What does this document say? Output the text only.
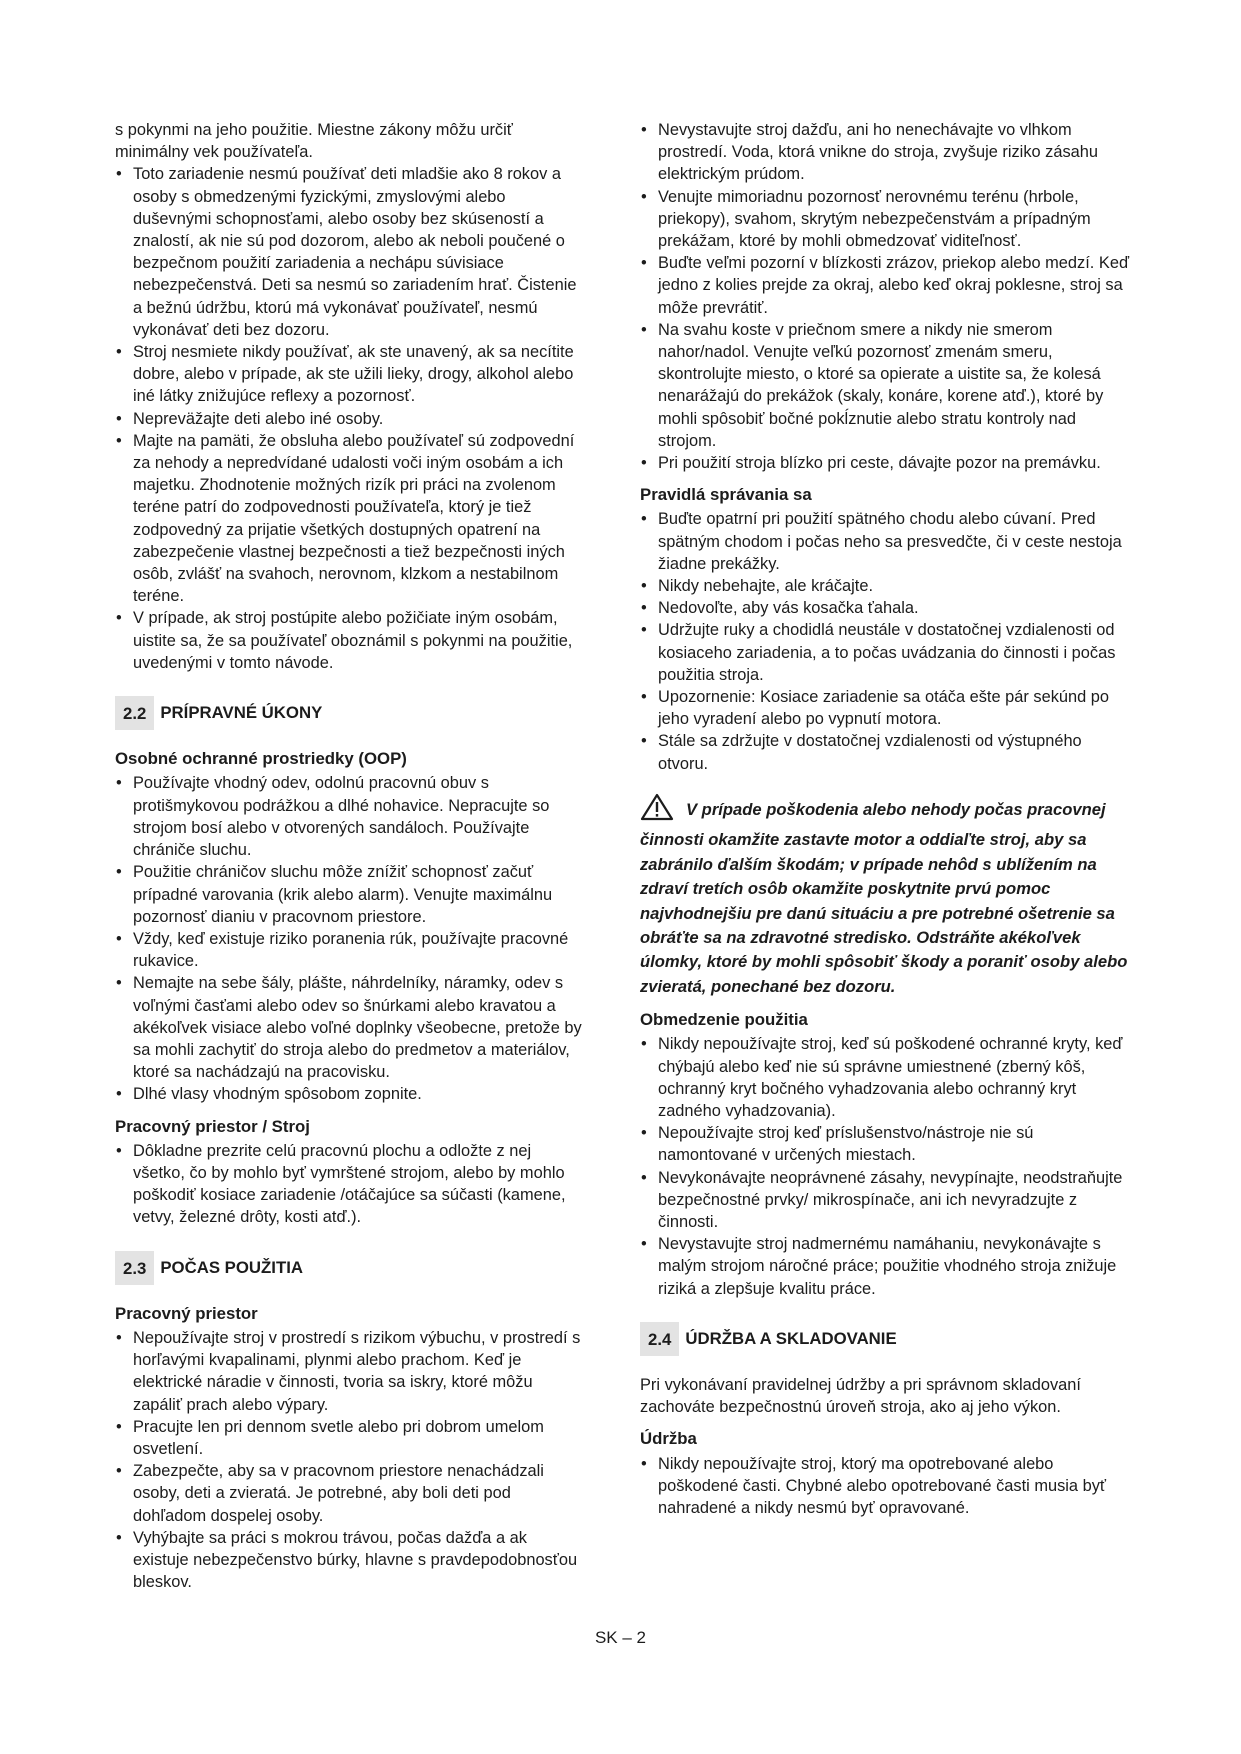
s pokynmi na jeho použitie. Miestne zákony môžu určiť minimálny vek používateľa.

• Toto zariadenie nesmú používať deti mladšie ako 8 rokov a osoby s obmedzenými fyzickými, zmyslovými alebo duševnými schopnosťami, alebo osoby bez skúseností a znalostí, ak nie sú pod dozorom, alebo ak neboli poučené o bezpečnom použití zariadenia a nechápu súvisiace nebezpečenstvá. Deti sa nesmú so zariadením hrať. Čistenie a bežnú údržbu, ktorú má vykonávať používateľ, nesmú vykonávať deti bez dozoru.
• Stroj nesmiete nikdy používať, ak ste unavený, ak sa necítite dobre, alebo v prípade, ak ste užili lieky, drogy, alkohol alebo iné látky znižujúce reflexy a pozornosť.
• Nepreväžajte deti alebo iné osoby.
• Majte na pamäti, že obsluha alebo používateľ sú zodpovední za nehody a nepredvídané udalosti voči iným osobám a ich majetku. Zhodnotenie možných rizík pri práci na zvolenom teréne patrí do zodpovednosti používateľa, ktorý je tiež zodpovedný za prijatie všetkých dostupných opatrení na zabezpečenie vlastnej bezpečnosti a tiež bezpečnosti iných osôb, zvlášť na svahoch, nerovnom, klzkom a nestabilnom teréne.
• V prípade, ak stroj postúpite alebo požičiate iným osobám, uistite sa, že sa používateľ oboznámil s pokynmi na použitie, uvedenými v tomto návode.
2.2 PRÍPRAVNÉ ÚKONY
Osobné ochranné prostriedky (OOP)
• Používajte vhodný odev, odolnú pracovnú obuv s protišmykovou podrážkou a dlhé nohavice. Nepracujte so strojom bosí alebo v otvorených sandáloch. Používajte chrániče sluchu.
• Použitie chráničov sluchu môže znížiť schopnosť začuť prípadné varovania (krik alebo alarm). Venujte maximálnu pozornosť dianiu v pracovnom priestore.
• Vždy, keď existuje riziko poranenia rúk, používajte pracovné rukavice.
• Nemajte na sebe šály, plášte, náhrdelníky, náramky, odev s voľnými časťami alebo odev so šnúrkami alebo kravatou a akékoľvek visiace alebo voľné doplnky všeobecne, pretože by sa mohli zachytiť do stroja alebo do predmetov a materiálov, ktoré sa nachádzajú na pracovisku.
• Dlhé vlasy vhodným spôsobom zopnite.
Pracovný priestor / Stroj
• Dôkladne prezrite celú pracovnú plochu a odložte z nej všetko, čo by mohlo byť vymrštené strojom, alebo by mohlo poškodiť kosiace zariadenie /otáčajúce sa súčasti (kamene, vetvy, železné drôty, kosti atď.).
2.3 POČAS POUŽITIA
Pracovný priestor
• Nepoužívajte stroj v prostredí s rizikom výbuchu, v prostredí s horľavými kvapalinami, plynmi alebo prachom. Keď je elektrické náradie v činnosti, tvoria sa iskry, ktoré môžu zapáliť prach alebo výpary.
• Pracujte len pri dennom svetle alebo pri dobrom umelom osvetlení.
• Zabezpečte, aby sa v pracovnom priestore nenachádzali osoby, deti a zvieratá. Je potrebné, aby boli deti pod dohľadom dospelej osoby.
• Vyhýbajte sa práci s mokrou trávou, počas dažďa a ak existuje nebezpečenstvo búrky, hlavne s pravdepodobnosťou bleskov.
• Nevystavujte stroj dažďu, ani ho nenechávajte vo vlhkom prostredí. Voda, ktorá vnikne do stroja, zvyšuje riziko zásahu elektrickým prúdom.
• Venujte mimoriadnu pozornosť nerovnému terénu (hrbole, priekopy), svahom, skrytým nebezpečenstvám a prípadným prekážam, ktoré by mohli obmedzovať viditeľnosť.
• Buďte veľmi pozorní v blízkosti zrázov, priekop alebo medzí. Keď jedno z kolies prejde za okraj, alebo keď okraj poklesne, stroj sa môže prevrátiť.
• Na svahu koste v priečnom smere a nikdy nie smerom nahor/nadol. Venujte veľkú pozornosť zmenám smeru, skontrolujte miesto, o ktoré sa opierate a uistite sa, že kolesá nenarážajú do prekážok (skaly, konáre, korene atď.), ktoré by mohli spôsobiť bočné pokĺznutie alebo stratu kontroly nad strojom.
• Pri použití stroja blízko pri ceste, dávajte pozor na premávku.
Pravidlá správania sa
• Buďte opatrní pri použití spätného chodu alebo cúvaní. Pred spätným chodom i počas neho sa presvedčte, či v ceste nestoja žiadne prekážky.
• Nikdy nebehajte, ale kráčajte.
• Nedovoľte, aby vás kosačka ťahala.
• Udržujte ruky a chodidlá neustále v dostatočnej vzdialenosti od kosiaceho zariadenia, a to počas uvádzania do činnosti i počas použitia stroja.
• Upozornenie: Kosiace zariadenie sa otáča ešte pár sekúnd po jeho vyradení alebo po vypnutí motora.
• Stále sa zdržujte v dostatočnej vzdialenosti od výstupného otvoru.
V prípade poškodenia alebo nehody počas pracovnej činnosti okamžite zastavte motor a oddiaľte stroj, aby sa zabránilo ďalším škodám; v prípade nehôd s ublížením na zdraví tretích osôb okamžite poskytnite prvú pomoc najvhodnejšiu pre danú situáciu a pre potrebné ošetrenie sa obráťte sa na zdravotné stredisko. Odstráňte akékoľvek úlomky, ktoré by mohli spôsobiť škody a poraniť osoby alebo zvieratá, ponechané bez dozoru.
Obmedzenie použitia
• Nikdy nepoužívajte stroj, keď sú poškodené ochranné kryty, keď chýbajú alebo keď nie sú správne umiestnené (zberný kôš, ochranný kryt bočného vyhadzovania alebo ochranný kryt zadného vyhadzovania).
• Nepoužívajte stroj keď príslušenstvo/nástroje nie sú namontované v určených miestach.
• Nevykonávajte neoprávnené zásahy, nevypínajte, neodstraňujte bezpečnostné prvky/ mikrospínače, ani ich nevyradzujte z činnosti.
• Nevystavujte stroj nadmernému namáhaniu, nevykonávajte s malým strojom náročné práce; použitie vhodného stroja znižuje riziká a zlepšuje kvalitu práce.
2.4 ÚDRŽBA A SKLADOVANIE

Pri vykonávaní pravidelnej údržby a pri správnom skladovaní zachováte bezpečnostnú úroveň stroja, ako aj jeho výkon.

Údržba
• Nikdy nepoužívajte stroj, ktorý ma opotrebované alebo poškodené časti. Chybné alebo opotrebované časti musia byť nahradené a nikdy nesmú byť opravované.
SK – 2
